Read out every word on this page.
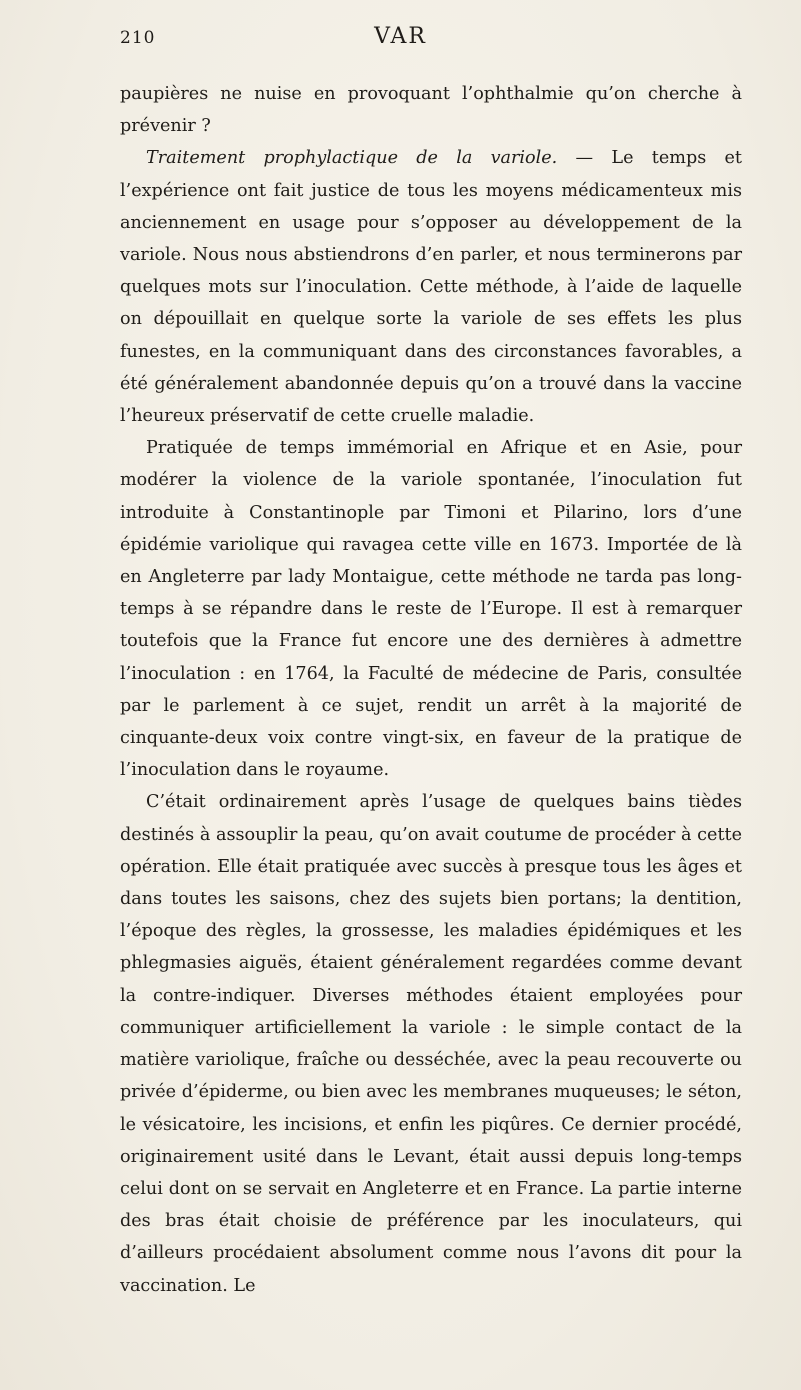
210	VAR

paupières ne nuise en provoquant l’ophthalmie qu’on cherche à prévenir ?

Traitement prophylactique de la variole. — Le temps et l’expérience ont fait justice de tous les moyens médicamenteux mis anciennement en usage pour s’opposer au développement de la variole. Nous nous abstiendrons d’en parler, et nous terminerons par quelques mots sur l’inoculation. Cette méthode, à l’aide de laquelle on dépouillait en quelque sorte la variole de ses effets les plus funestes, en la communiquant dans des circonstances favorables, a été généralement abandonnée depuis qu’on a trouvé dans la vaccine l’heureux préservatif de cette cruelle maladie.

Pratiquée de temps immémorial en Afrique et en Asie, pour modérer la violence de la variole spontanée, l’inoculation fut introduite à Constantinople par Timoni et Pilarino, lors d’une épidémie variolique qui ravagea cette ville en 1673. Importée de là en Angleterre par lady Montaigue, cette méthode ne tarda pas long-temps à se répandre dans le reste de l’Europe. Il est à remarquer toutefois que la France fut encore une des dernières à admettre l’inoculation : en 1764, la Faculté de médecine de Paris, consultée par le parlement à ce sujet, rendit un arrêt à la majorité de cinquante-deux voix contre vingt-six, en faveur de la pratique de l’inoculation dans le royaume.

C’était ordinairement après l’usage de quelques bains tièdes destinés à assouplir la peau, qu’on avait coutume de procéder à cette opération. Elle était pratiquée avec succès à presque tous les âges et dans toutes les saisons, chez des sujets bien portans; la dentition, l’époque des règles, la grossesse, les maladies épidémiques et les phlegmasies aiguës, étaient généralement regardées comme devant la contre-indiquer. Diverses méthodes étaient employées pour communiquer artificiellement la variole : le simple contact de la matière variolique, fraîche ou desséchée, avec la peau recouverte ou privée d’épiderme, ou bien avec les membranes muqueuses; le séton, le vésicatoire, les incisions, et enfin les piqûres. Ce dernier procédé, originairement usité dans le Levant, était aussi depuis long-temps celui dont on se servait en Angleterre et en France. La partie interne des bras était choisie de préférence par les inoculateurs, qui d’ailleurs procédaient absolument comme nous l’avons dit pour la vaccination. Le
